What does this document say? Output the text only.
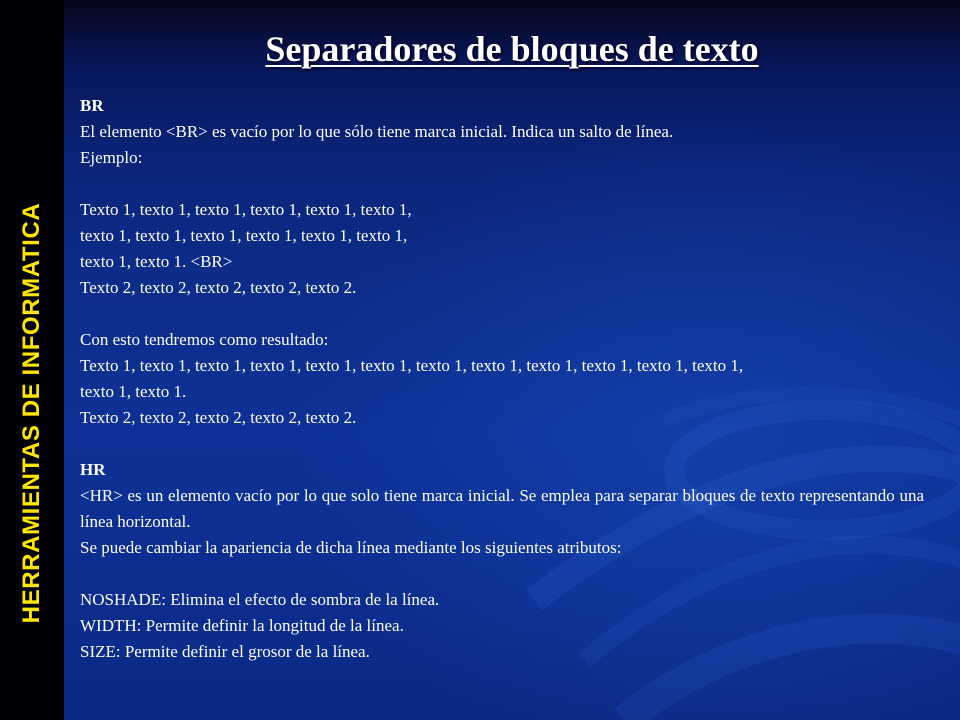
HERRAMIENTAS DE INFORMATICA
Separadores de bloques de texto

BR

El elemento <BR> es vacío por lo que sólo tiene marca inicial. Indica un salto de línea.

Ejemplo:

Texto 1, texto 1, texto 1, texto 1, texto 1, texto 1,

texto 1, texto 1, texto 1, texto 1, texto 1, texto 1,

texto 1, texto 1. <BR>

Texto 2, texto 2, texto 2, texto 2, texto 2.

Con esto tendremos como resultado:

Texto 1, texto 1, texto 1, texto 1, texto 1, texto 1, texto 1, texto 1, texto 1, texto 1, texto 1, texto 1,

texto 1, texto 1.

Texto 2, texto 2, texto 2, texto 2, texto 2.

HR

<HR> es un elemento vacío por lo que solo tiene marca inicial. Se emplea para separar bloques de texto representando una línea horizontal.

Se puede cambiar la apariencia de dicha línea mediante los siguientes atributos:

NOSHADE: Elimina el efecto de sombra de la línea.

WIDTH: Permite definir la longitud de la línea.

SIZE: Permite definir el grosor de la línea.
